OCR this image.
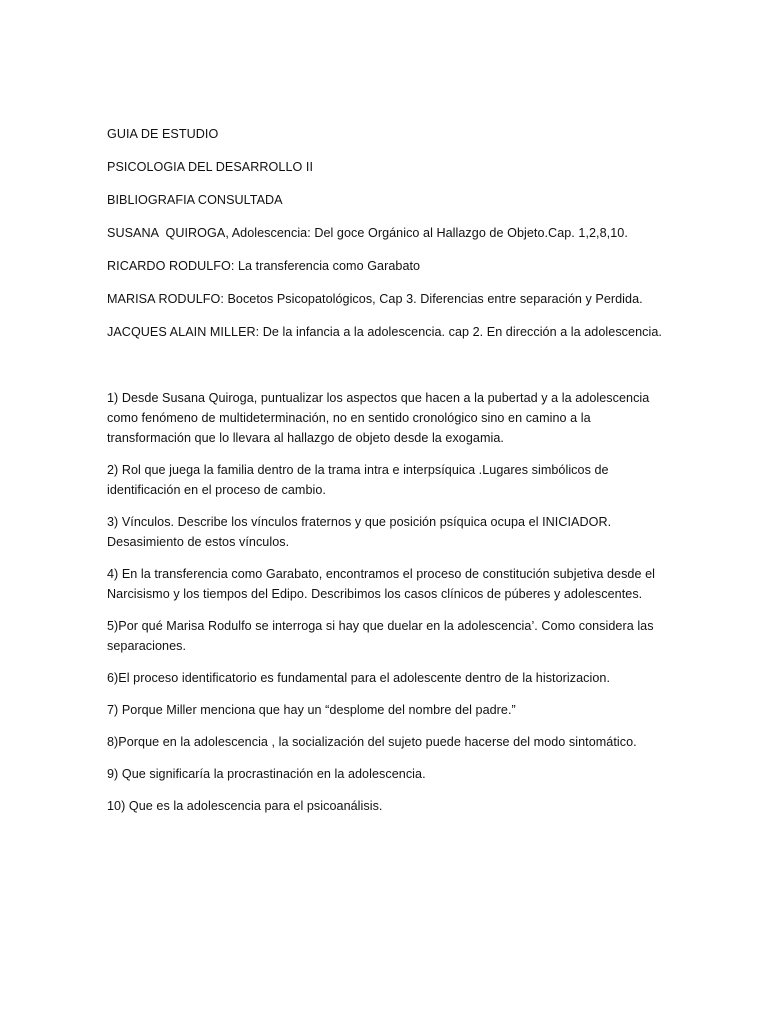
GUIA DE ESTUDIO

PSICOLOGIA DEL DESARROLLO II

BIBLIOGRAFIA CONSULTADA

SUSANA  QUIROGA, Adolescencia: Del goce Orgánico al Hallazgo de Objeto.Cap. 1,2,8,10.

RICARDO RODULFO: La transferencia como Garabato

MARISA RODULFO: Bocetos Psicopatológicos, Cap 3. Diferencias entre separación y Perdida.

JACQUES ALAIN MILLER: De la infancia a la adolescencia. cap 2. En dirección a la adolescencia.

1) Desde Susana Quiroga, puntualizar los aspectos que hacen a la pubertad y a la adolescencia como fenómeno de multideterminación, no en sentido cronológico sino en camino a la transformación que lo llevara al hallazgo de objeto desde la exogamia.

2) Rol que juega la familia dentro de la trama intra e interpsíquica .Lugares simbólicos de identificación en el proceso de cambio.

3) Vínculos. Describe los vínculos fraternos y que posición psíquica ocupa el INICIADOR. Desasimiento de estos vínculos.

4) En la transferencia como Garabato, encontramos el proceso de constitución subjetiva desde el Narcisismo y los tiempos del Edipo. Describimos los casos clínicos de púberes y adolescentes.

5)Por qué Marisa Rodulfo se interroga si hay que duelar en la adolescencia’. Como considera las separaciones.

6)El proceso identificatorio es fundamental para el adolescente dentro de la historizacion.

7) Porque Miller menciona que hay un “desplome del nombre del padre.”

8)Porque en la adolescencia , la socialización del sujeto puede hacerse del modo sintomático.

9) Que significaría la procrastinación en la adolescencia.

10) Que es la adolescencia para el psicoanálisis.
